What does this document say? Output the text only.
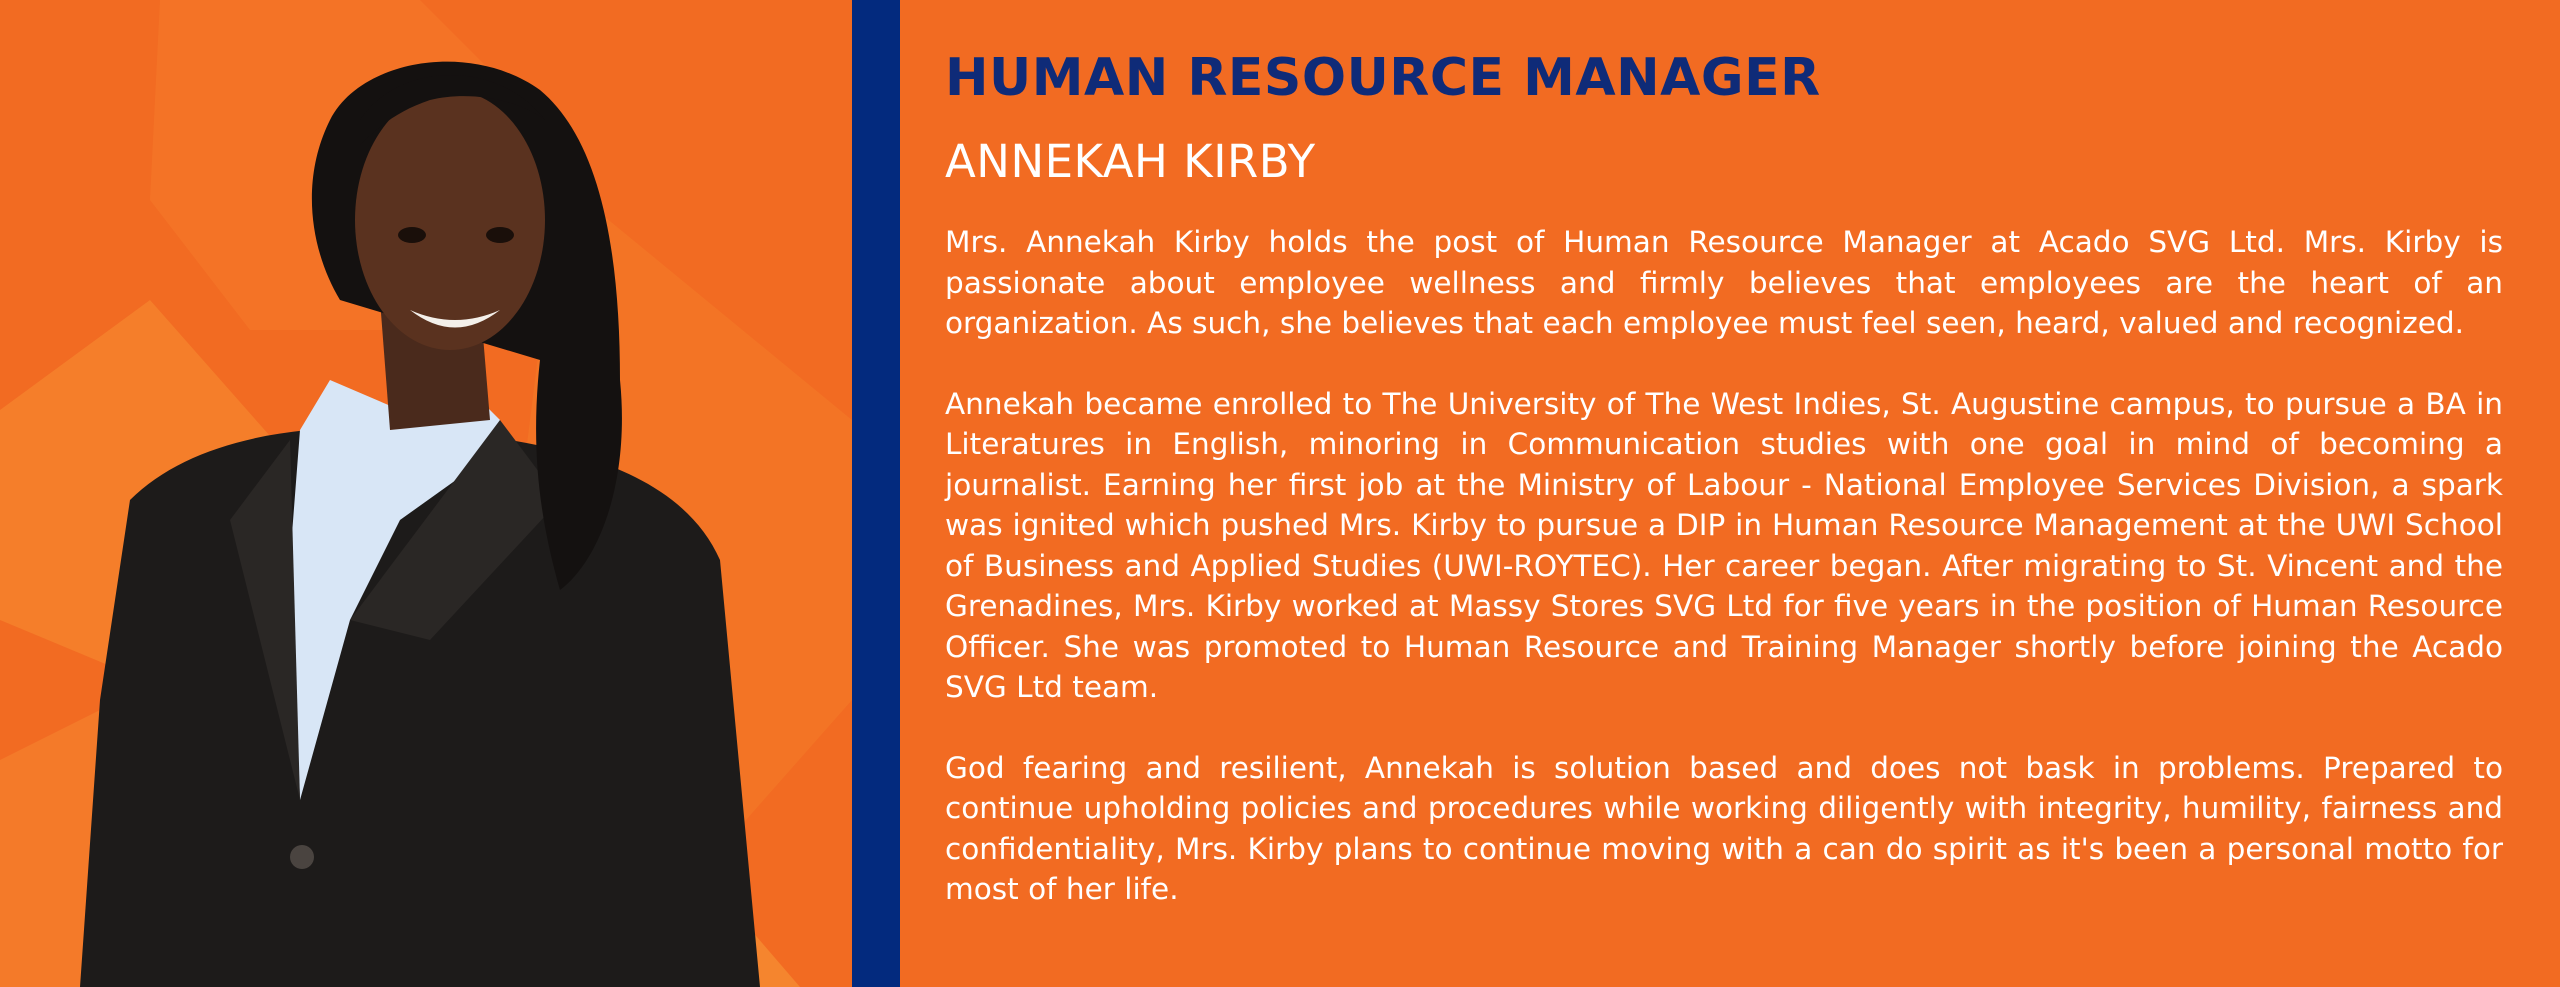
HUMAN RESOURCE MANAGER
ANNEKAH KIRBY

Mrs. Annekah Kirby holds the post of Human Resource Manager at Acado SVG Ltd. Mrs. Kirby is passionate about employee wellness and firmly believes that employees are the heart of an organization. As such, she believes that each employee must feel seen, heard, valued and recognized.

Annekah became enrolled to The University of The West Indies, St. Augustine campus, to pursue a BA in Literatures in English, minoring in Communication studies with one goal in mind of becoming a journalist. Earning her first job at the Ministry of Labour - National Employee Services Division, a spark was ignited which pushed Mrs. Kirby to pursue a DIP in Human Resource Management at the UWI School of Business and Applied Studies (UWI-ROYTEC). Her career began. After migrating to St. Vincent and the Grenadines, Mrs. Kirby worked at Massy Stores SVG Ltd for five years in the position of Human Resource Officer. She was promoted to Human Resource and Training Manager shortly before joining the Acado SVG Ltd team.

God fearing and resilient, Annekah is solution based and does not bask in problems. Prepared to continue upholding policies and procedures while working diligently with integrity, humility, fairness and confidentiality, Mrs. Kirby plans to continue moving with a can do spirit as it's been a personal motto for most of her life.
